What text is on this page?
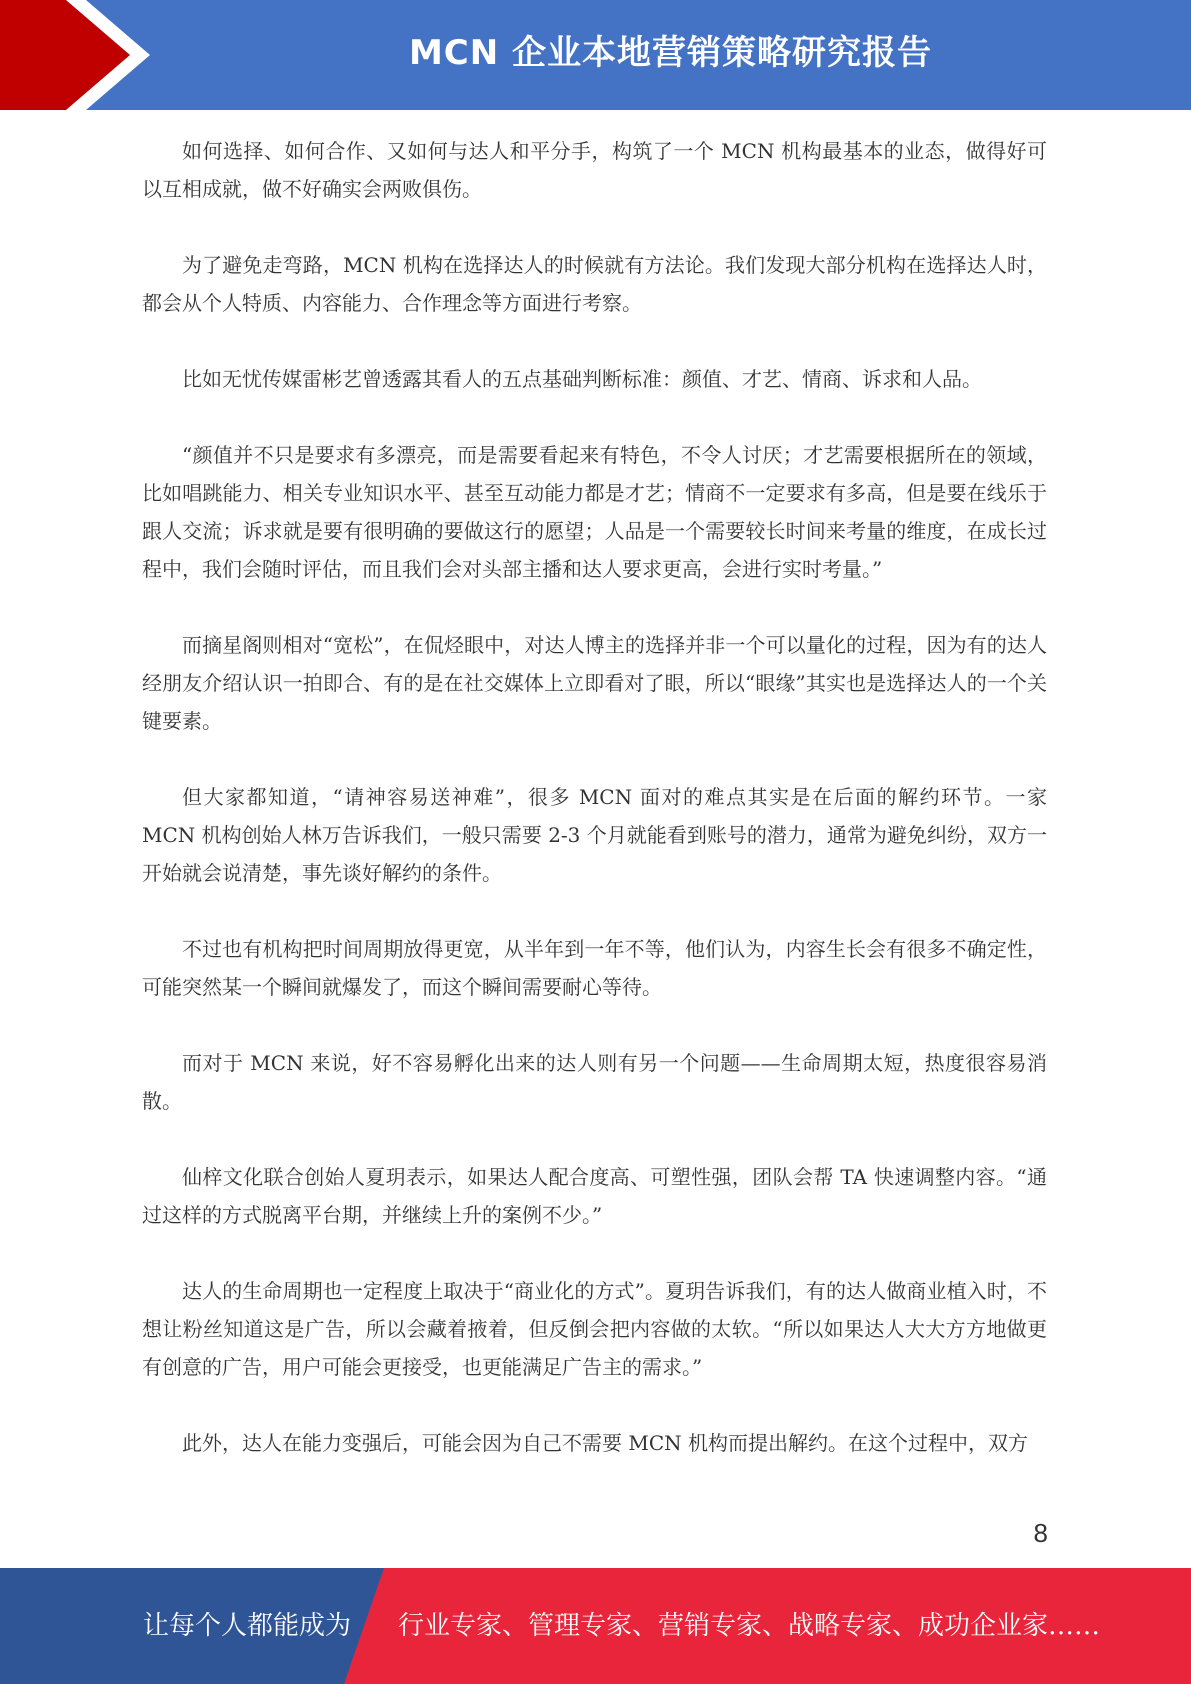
MCN 企业本地营销策略研究报告

如何选择、如何合作、又如何与达人和平分手，构筑了一个 MCN 机构最基本的业态，做得好可以互相成就，做不好确实会两败俱伤。

为了避免走弯路，MCN 机构在选择达人的时候就有方法论。我们发现大部分机构在选择达人时，都会从个人特质、内容能力、合作理念等方面进行考察。

比如无忧传媒雷彬艺曾透露其看人的五点基础判断标准：颜值、才艺、情商、诉求和人品。

“颜值并不只是要求有多漂亮，而是需要看起来有特色，不令人讨厌；才艺需要根据所在的领域，比如唱跳能力、相关专业知识水平、甚至互动能力都是才艺；情商不一定要求有多高，但是要在线乐于跟人交流；诉求就是要有很明确的要做这行的愿望；人品是一个需要较长时间来考量的维度，在成长过程中，我们会随时评估，而且我们会对头部主播和达人要求更高，会进行实时考量。”

而摘星阁则相对“宽松”，在侃烃眼中，对达人博主的选择并非一个可以量化的过程，因为有的达人经朋友介绍认识一拍即合、有的是在社交媒体上立即看对了眼，所以“眼缘”其实也是选择达人的一个关键要素。

但大家都知道，“请神容易送神难”，很多 MCN 面对的难点其实是在后面的解约环节。一家 MCN 机构创始人林万告诉我们，一般只需要 2-3 个月就能看到账号的潜力，通常为避免纠纷，双方一开始就会说清楚，事先谈好解约的条件。

不过也有机构把时间周期放得更宽，从半年到一年不等，他们认为，内容生长会有很多不确定性，可能突然某一个瞬间就爆发了，而这个瞬间需要耐心等待。

而对于 MCN 来说，好不容易孵化出来的达人则有另一个问题——生命周期太短，热度很容易消散。

仙梓文化联合创始人夏玥表示，如果达人配合度高、可塑性强，团队会帮 TA 快速调整内容。“通过这样的方式脱离平台期，并继续上升的案例不少。”

达人的生命周期也一定程度上取决于“商业化的方式”。夏玥告诉我们，有的达人做商业植入时，不想让粉丝知道这是广告，所以会藏着掖着，但反倒会把内容做的太软。“所以如果达人大大方方地做更有创意的广告，用户可能会更接受，也更能满足广告主的需求。”

此外，达人在能力变强后，可能会因为自己不需要 MCN 机构而提出解约。在这个过程中，双方

8
让每个人都能成为 行业专家、管理专家、营销专家、战略专家、成功企业家……
